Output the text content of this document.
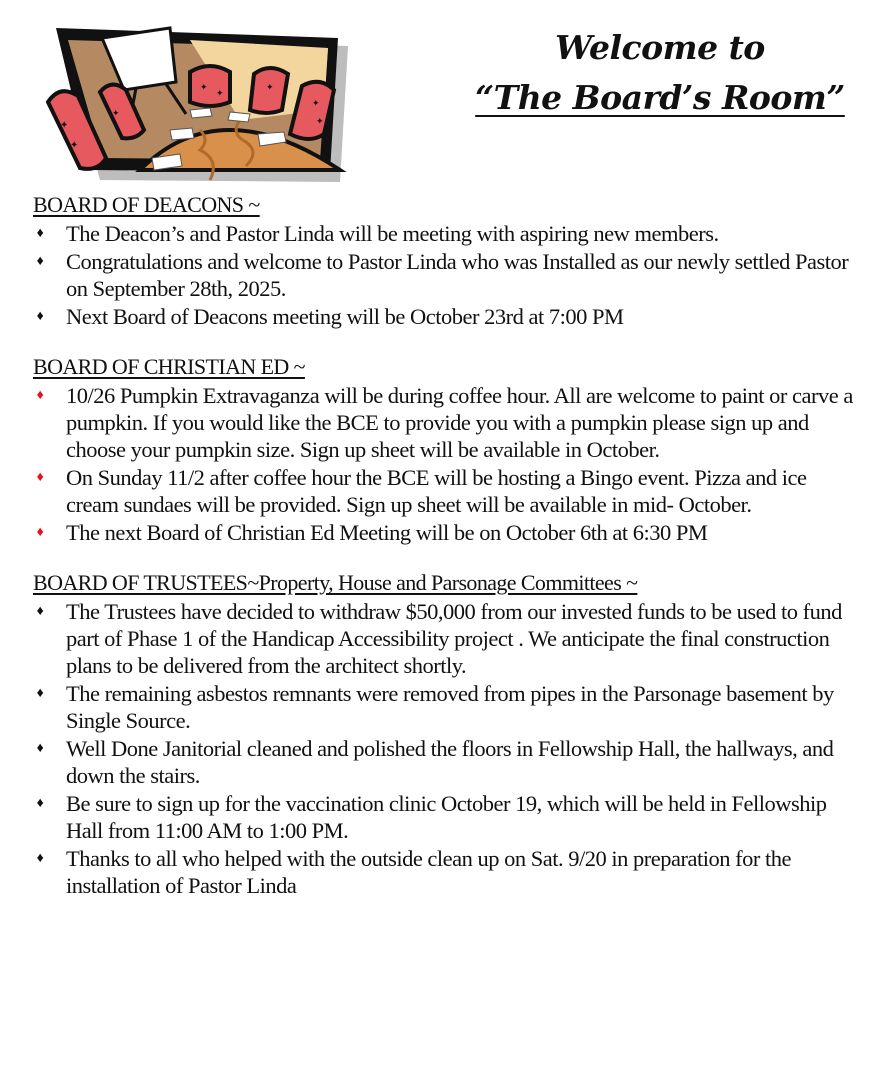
✦
✦
✦
✦
✦
✦
✦
✦
Welcome to
“The Board’s Room”
BOARD OF DEACONS ~
♦ The Deacon’s and Pastor Linda will be meeting with aspiring new members.
♦ Congratulations and welcome to Pastor Linda who was Installed as our newly settled Pastor on September 28th, 2025.
♦ Next Board of Deacons meeting will be October 23rd at 7:00 PM
BOARD OF CHRISTIAN ED ~
♦ 10/26 Pumpkin Extravaganza will be during coffee hour. All are welcome to paint or carve a pumpkin. If you would like the BCE to provide you with a pumpkin please sign up and choose your pumpkin size. Sign up sheet will be available in October.
♦ On Sunday 11/2 after coffee hour the BCE will be hosting a Bingo event. Pizza and ice cream sundaes will be provided. Sign up sheet will be available in mid- October.
♦ The next Board of Christian Ed Meeting will be on October 6th at 6:30 PM
BOARD OF TRUSTEES~Property, House and Parsonage Committees ~
♦ The Trustees have decided to withdraw $50,000 from our invested funds to be used to fund part of Phase 1 of the Handicap Accessibility project . We anticipate the final construction plans to be delivered from the architect shortly.
♦ The remaining asbestos remnants were removed from pipes in the Parsonage basement by Single Source.
♦ Well Done Janitorial cleaned and polished the floors in Fellowship Hall, the hallways, and down the stairs.
♦ Be sure to sign up for the vaccination clinic October 19, which will be held in Fellowship Hall from 11:00 AM to 1:00 PM.
♦ Thanks to all who helped with the outside clean up on Sat. 9/20 in preparation for the installation of Pastor Linda
